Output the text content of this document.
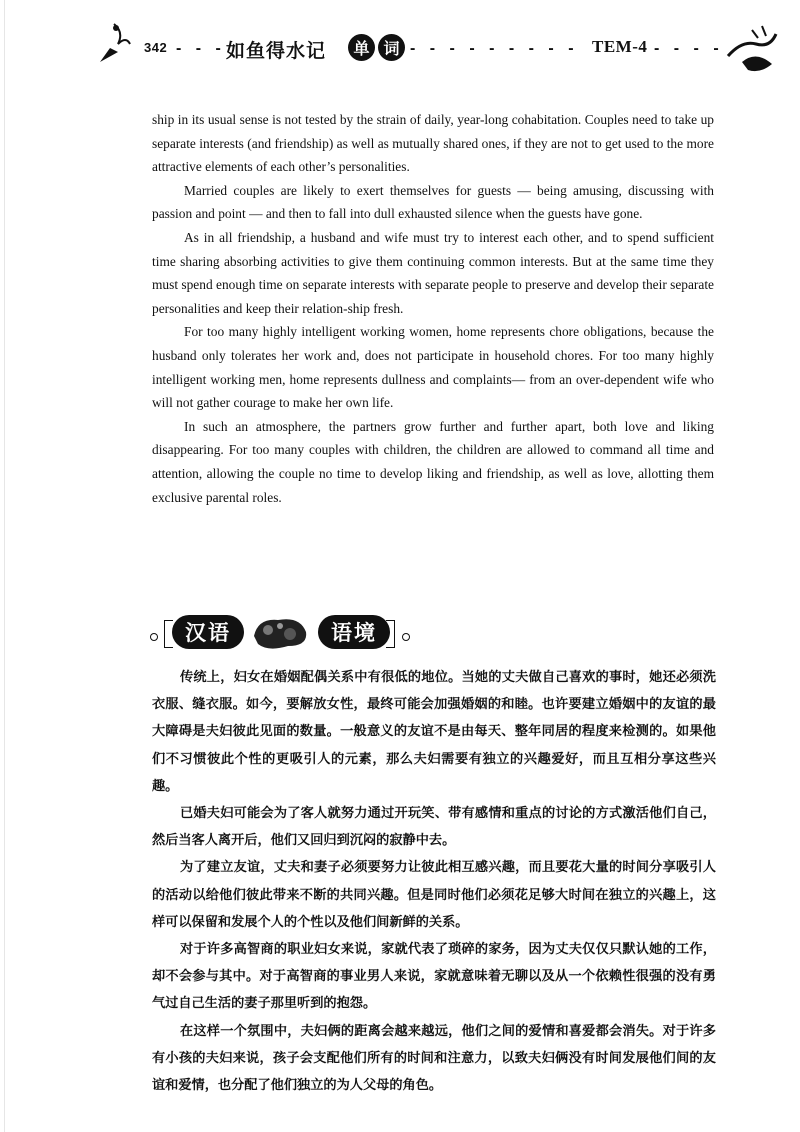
342 - - - 如鱼得水记	单 词 - - - - - - - - - TEM-4 - - - -

ship in its usual sense is not tested by the strain of daily, year-long cohabitation. Couples need to take up separate interests (and friendship) as well as mutually shared ones, if they are not to get used to the more attractive elements of each other’s personalities.

Married couples are likely to exert themselves for guests — being amusing, discussing with passion and point — and then to fall into dull exhausted silence when the guests have gone.

As in all friendship, a husband and wife must try to interest each other, and to spend sufficient time sharing absorbing activities to give them continuing common interests. But at the same time they must spend enough time on separate interests with separate people to preserve and develop their separate personalities and keep their relation-ship fresh.

For too many highly intelligent working women, home represents chore obligations, because the husband only tolerates her work and, does not participate in household chores. For too many highly intelligent working men, home represents dullness and complaints— from an over-dependent wife who will not gather courage to make her own life.

In such an atmosphere, the partners grow further and further apart, both love and liking disappearing. For too many couples with children, the children are allowed to command all time and attention, allowing the couple no time to develop liking and friendship, as well as love, allotting them exclusive parental roles.

汉语	语境

传统上，妇女在婚姻配偶关系中有很低的地位。当她的丈夫做自己喜欢的事时，她还必须洗衣服、缝衣服。如今，要解放女性，最终可能会加强婚姻的和睦。也许要建立婚姻中的友谊的最大障碍是夫妇彼此见面的数量。一般意义的友谊不是由每天、整年同居的程度来检测的。如果他们不习惯彼此个性的更吸引人的元素，那么夫妇需要有独立的兴趣爱好，而且互相分享这些兴趣。

已婚夫妇可能会为了客人就努力通过开玩笑、带有感情和重点的讨论的方式激活他们自己，然后当客人离开后，他们又回归到沉闷的寂静中去。

为了建立友谊，丈夫和妻子必须要努力让彼此相互感兴趣，而且要花大量的时间分享吸引人的活动以给他们彼此带来不断的共同兴趣。但是同时他们必须花足够大时间在独立的兴趣上，这样可以保留和发展个人的个性以及他们间新鲜的关系。

对于许多高智商的职业妇女来说，家就代表了琐碎的家务，因为丈夫仅仅只默认她的工作，却不会参与其中。对于高智商的事业男人来说，家就意味着无聊以及从一个依赖性很强的没有勇气过自己生活的妻子那里听到的抱怨。

在这样一个氛围中，夫妇俩的距离会越来越远，他们之间的爱情和喜爱都会消失。对于许多有小孩的夫妇来说，孩子会支配他们所有的时间和注意力，以致夫妇俩没有时间发展他们间的友谊和爱情，也分配了他们独立的为人父母的角色。
